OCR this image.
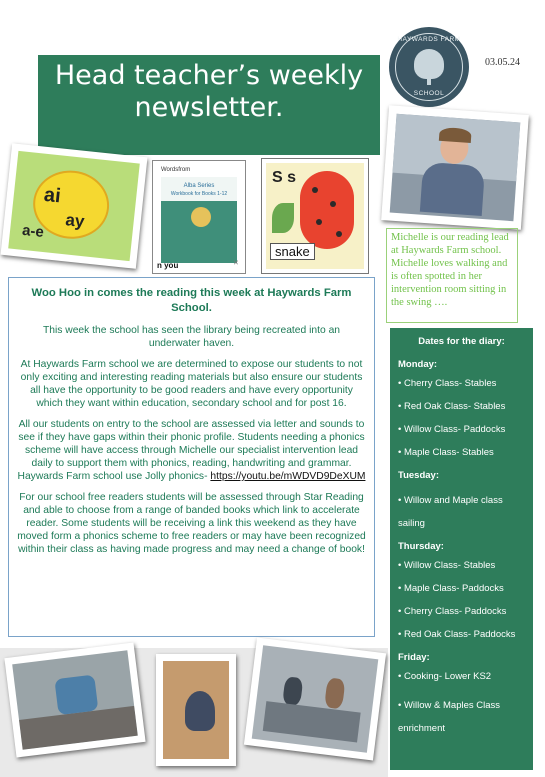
Head teacher’s weekly
newsletter.
HAYWARDS FARM
SCHOOL
03.05.24
ai
ay
a-e
Wordsfrom
Alba Series
Workbook for Books 1-12
n you	✕
S s
snake
Michelle is our reading lead at Haywards Farm school. Michelle loves walking and is often spotted in her intervention room sitting in the swing ….
Woo Hoo in comes the reading this week at Haywards Farm School.

This week the school has seen the library being recreated into an underwater haven.

At Haywards Farm school we are determined to expose our students to not only exciting and interesting reading materials but also ensure our students all have the opportunity to be good readers and have every opportunity which they want within education, secondary school and for post 16.

All our students on entry to the school are assessed via letter and sounds to see if they have gaps within their phonic profile. Students needing a phonics scheme will have access through Michelle our specialist intervention lead daily to support them with phonics, reading, handwriting and grammar. Haywards Farm school use Jolly phonics- https://youtu.be/mWDVD9DeXUM

For our school free readers students will be assessed through Star Reading and able to choose from a range of banded books which link to accelerate reader. Some students will be receiving a link this weekend as they have moved form a phonics scheme to free readers or may have been recognized within their class as having made progress and may need a change of book!

Dates for the diary:
Monday:
• Cherry Class- Stables
• Red Oak Class- Stables
• Willow Class- Paddocks
• Maple Class- Stables
Tuesday:
• Willow and Maple class sailing
Thursday:
• Willow Class- Stables
• Maple Class- Paddocks
• Cherry Class- Paddocks
• Red Oak Class- Paddocks
Friday:
• Cooking- Lower KS2
• Willow & Maples Class enrichment
